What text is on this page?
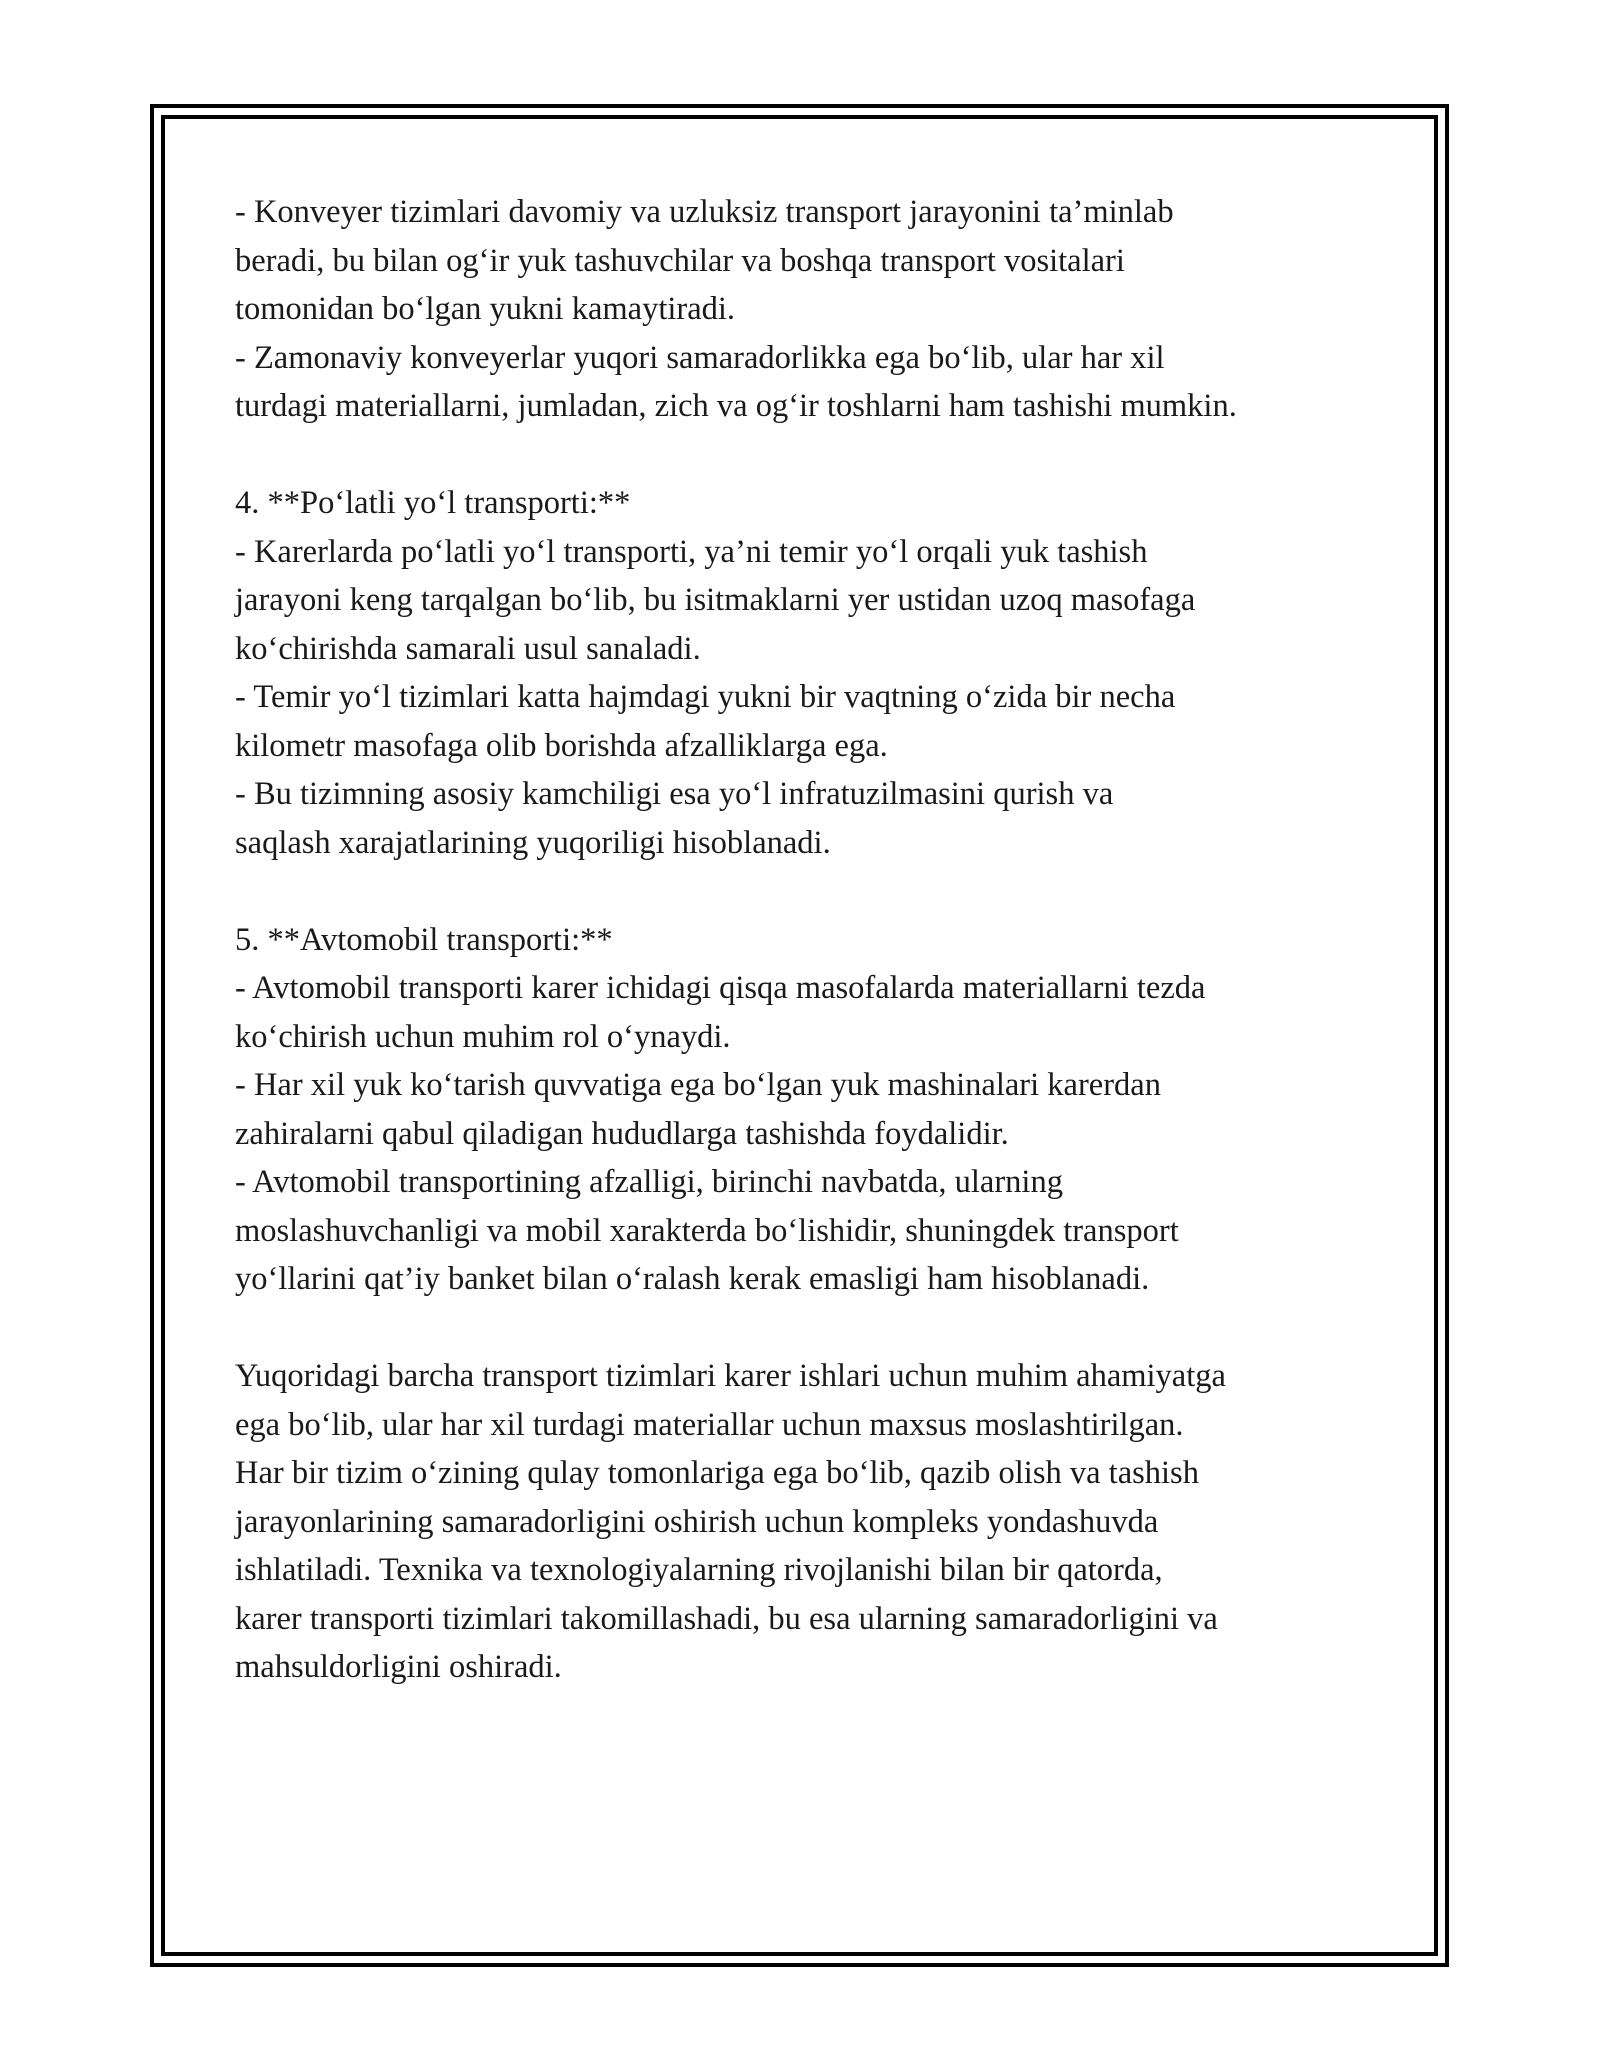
- Konveyer tizimlari davomiy va uzluksiz transport jarayonini ta’minlab
beradi, bu bilan ogʻir yuk tashuvchilar va boshqa transport vositalari
tomonidan boʻlgan yukni kamaytiradi.
- Zamonaviy konveyerlar yuqori samaradorlikka ega boʻlib, ular har xil
turdagi materiallarni, jumladan, zich va ogʻir toshlarni ham tashishi mumkin.

4. **Poʻlatli yoʻl transporti:**
- Karerlarda poʻlatli yoʻl transporti, ya’ni temir yoʻl orqali yuk tashish
jarayoni keng tarqalgan boʻlib, bu isitmaklarni yer ustidan uzoq masofaga
koʻchirishda samarali usul sanaladi.
- Temir yoʻl tizimlari katta hajmdagi yukni bir vaqtning oʻzida bir necha
kilometr masofaga olib borishda afzalliklarga ega.
- Bu tizimning asosiy kamchiligi esa yoʻl infratuzilmasini qurish va
saqlash xarajatlarining yuqoriligi hisoblanadi.

5. **Avtomobil transporti:**
- Avtomobil transporti karer ichidagi qisqa masofalarda materiallarni tezda
koʻchirish uchun muhim rol oʻynaydi.
- Har xil yuk koʻtarish quvvatiga ega boʻlgan yuk mashinalari karerdan
zahiralarni qabul qiladigan hududlarga tashishda foydalidir.
- Avtomobil transportining afzalligi, birinchi navbatda, ularning
moslashuvchanligi va mobil xarakterda boʻlishidir, shuningdek transport
yoʻllarini qat’iy banket bilan oʻralash kerak emasligi ham hisoblanadi.

Yuqoridagi barcha transport tizimlari karer ishlari uchun muhim ahamiyatga
ega boʻlib, ular har xil turdagi materiallar uchun maxsus moslashtirilgan.
Har bir tizim oʻzining qulay tomonlariga ega boʻlib, qazib olish va tashish
jarayonlarining samaradorligini oshirish uchun kompleks yondashuvda
ishlatiladi. Texnika va texnologiyalarning rivojlanishi bilan bir qatorda,
karer transporti tizimlari takomillashadi, bu esa ularning samaradorligini va
mahsuldorligini oshiradi.
